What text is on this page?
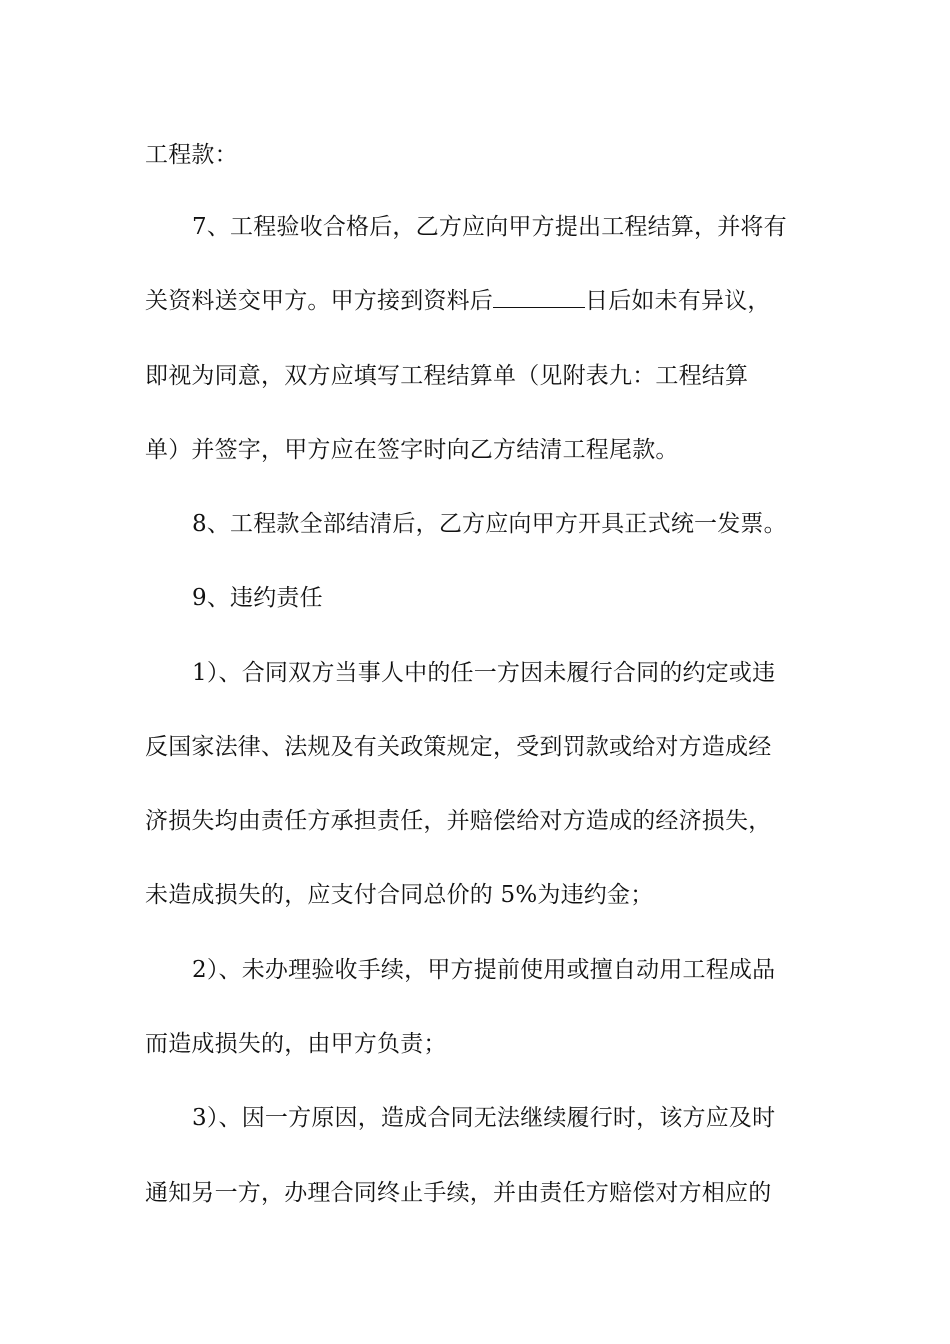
工程款：
7、工程验收合格后，乙方应向甲方提出工程结算，并将有
关资料送交甲方。甲方接到资料后	日后如未有异议，
即视为同意，双方应填写工程结算单（见附表九：工程结算
单）并签字，甲方应在签字时向乙方结清工程尾款。
8、工程款全部结清后，乙方应向甲方开具正式统一发票。
9、违约责任
1）、合同双方当事人中的任一方因未履行合同的约定或违
反国家法律、法规及有关政策规定，受到罚款或给对方造成经
济损失均由责任方承担责任，并赔偿给对方造成的经济损失，
未造成损失的，应支付合同总价的 5%为违约金；
2）、未办理验收手续，甲方提前使用或擅自动用工程成品
而造成损失的，由甲方负责；
3）、因一方原因，造成合同无法继续履行时，该方应及时
通知另一方，办理合同终止手续，并由责任方赔偿对方相应的
